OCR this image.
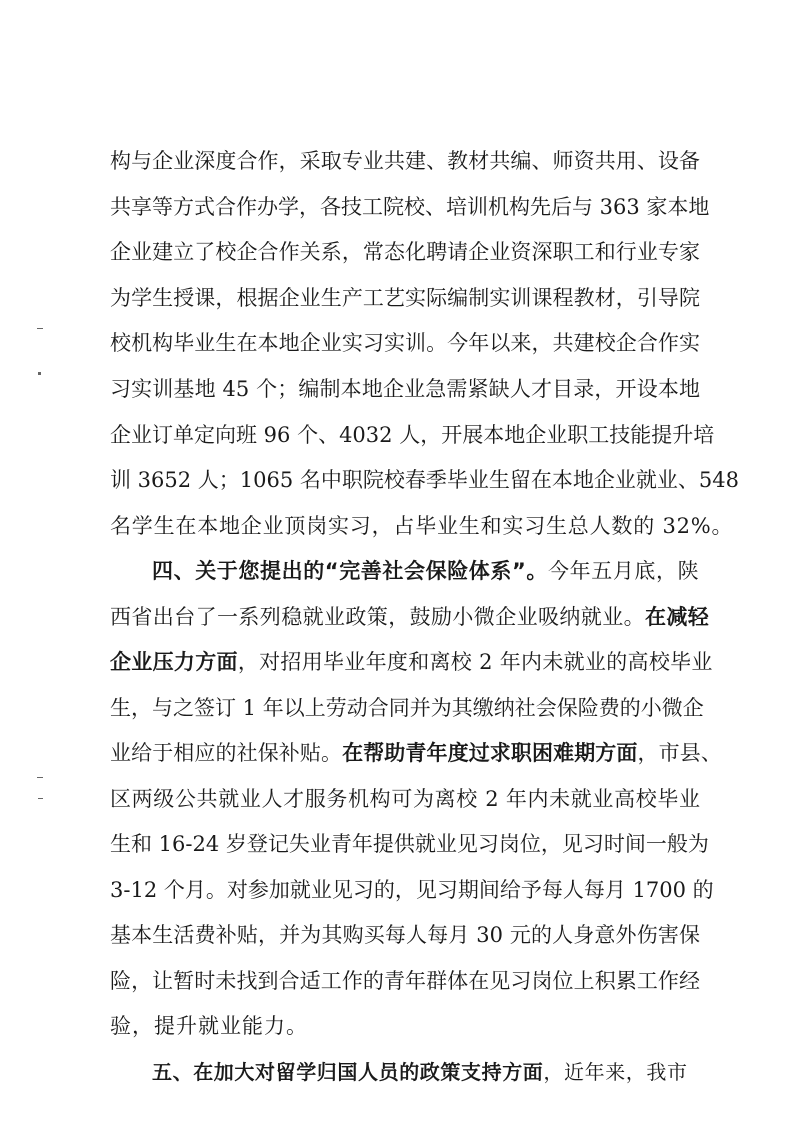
构与企业深度合作，采取专业共建、教材共编、师资共用、设备
共享等方式合作办学，各技工院校、培训机构先后与 363 家本地
企业建立了校企合作关系，常态化聘请企业资深职工和行业专家
为学生授课，根据企业生产工艺实际编制实训课程教材，引导院
校机构毕业生在本地企业实习实训。今年以来，共建校企合作实
习实训基地 45 个；编制本地企业急需紧缺人才目录，开设本地
企业订单定向班 96 个、4032 人，开展本地企业职工技能提升培
训 3652 人；1065 名中职院校春季毕业生留在本地企业就业、548
名学生在本地企业顶岗实习，占毕业生和实习生总人数的 32%。
四、关于您提出的“完善社会保险体系”。今年五月底，陕
西省出台了一系列稳就业政策，鼓励小微企业吸纳就业。在减轻
企业压力方面，对招用毕业年度和离校 2 年内未就业的高校毕业
生，与之签订 1 年以上劳动合同并为其缴纳社会保险费的小微企
业给于相应的社保补贴。在帮助青年度过求职困难期方面，市县、
区两级公共就业人才服务机构可为离校 2 年内未就业高校毕业
生和 16-24 岁登记失业青年提供就业见习岗位，见习时间一般为
3-12 个月。对参加就业见习的，见习期间给予每人每月 1700 的
基本生活费补贴，并为其购买每人每月 30 元的人身意外伤害保
险，让暂时未找到合适工作的青年群体在见习岗位上积累工作经
验，提升就业能力。
五、在加大对留学归国人员的政策支持方面，近年来，我市
